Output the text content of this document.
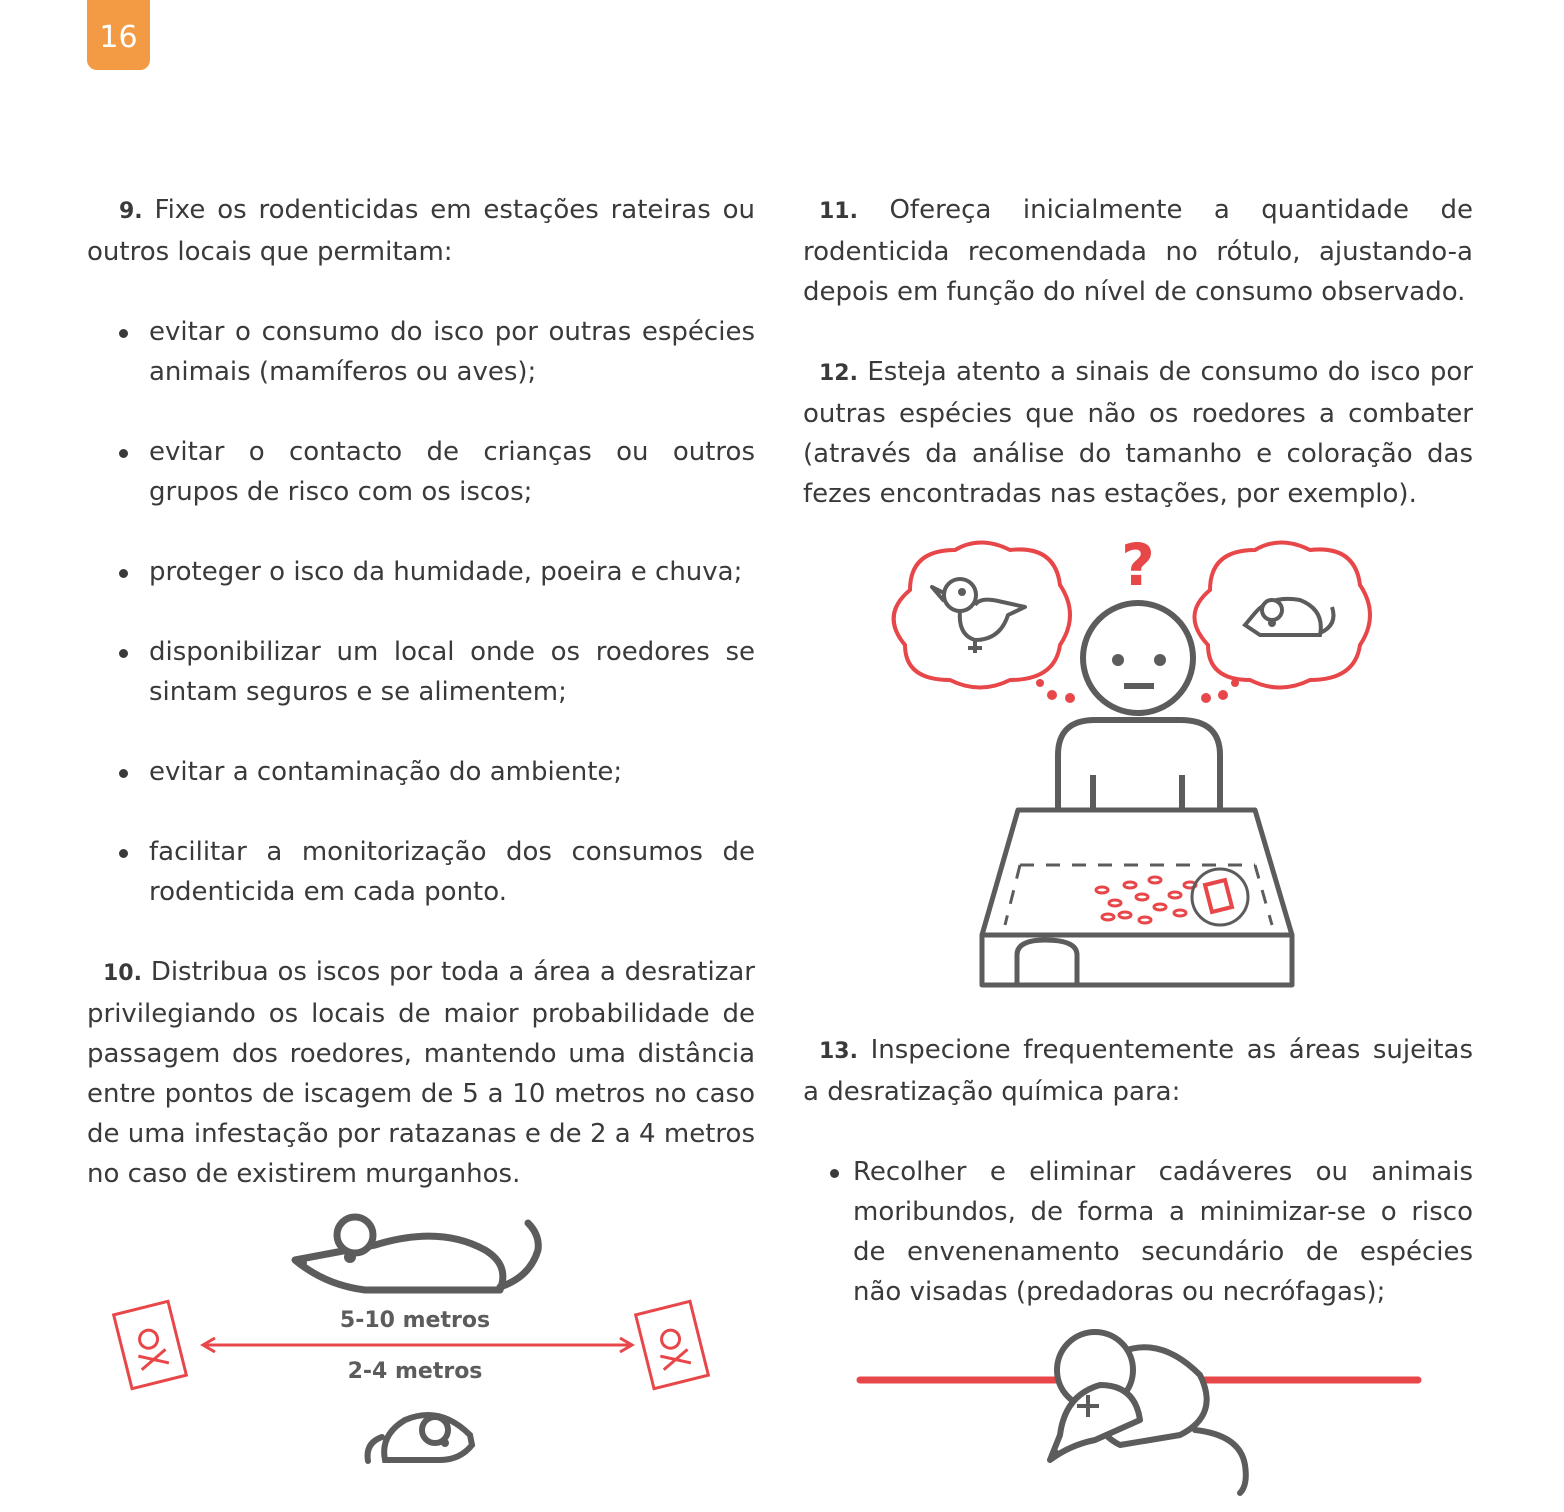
16

9. Fixe os rodenticidas em estações rateiras ou outros locais que permitam:

evitar o consumo do isco por outras espécies animais (mamíferos ou aves);
evitar o contacto de crianças ou outros grupos de risco com os iscos;
proteger o isco da humidade, poeira e chuva;
disponibilizar um local onde os roedores se sintam seguros e se alimentem;
evitar a contaminação do ambiente;
facilitar a monitorização dos consumos de rodenticida em cada ponto.

10. Distribua os iscos por toda a área a desratizar privilegiando os locais de maior probabilidade de passagem dos roedores, mantendo uma distância entre pontos de iscagem de 5 a 10 metros no caso de uma infestação por ratazanas e de 2 a 4 metros no caso de existirem murganhos.

5-10 metros
2-4 metros

11. Ofereça inicialmente a quantidade de rodenticida recomendada no rótulo, ajustando-a depois em função do nível de consumo observado.

12. Esteja atento a sinais de consumo do isco por outras espécies que não os roedores a combater (através da análise do tamanho e coloração das fezes encontradas nas estações, por exemplo).

?

13. Inspecione frequentemente as áreas sujeitas a desratização química para:

Recolher e eliminar cadáveres ou animais moribundos, de forma a minimizar-se o risco de envenenamento secundário de espécies não visadas (predadoras ou necrófagas);
